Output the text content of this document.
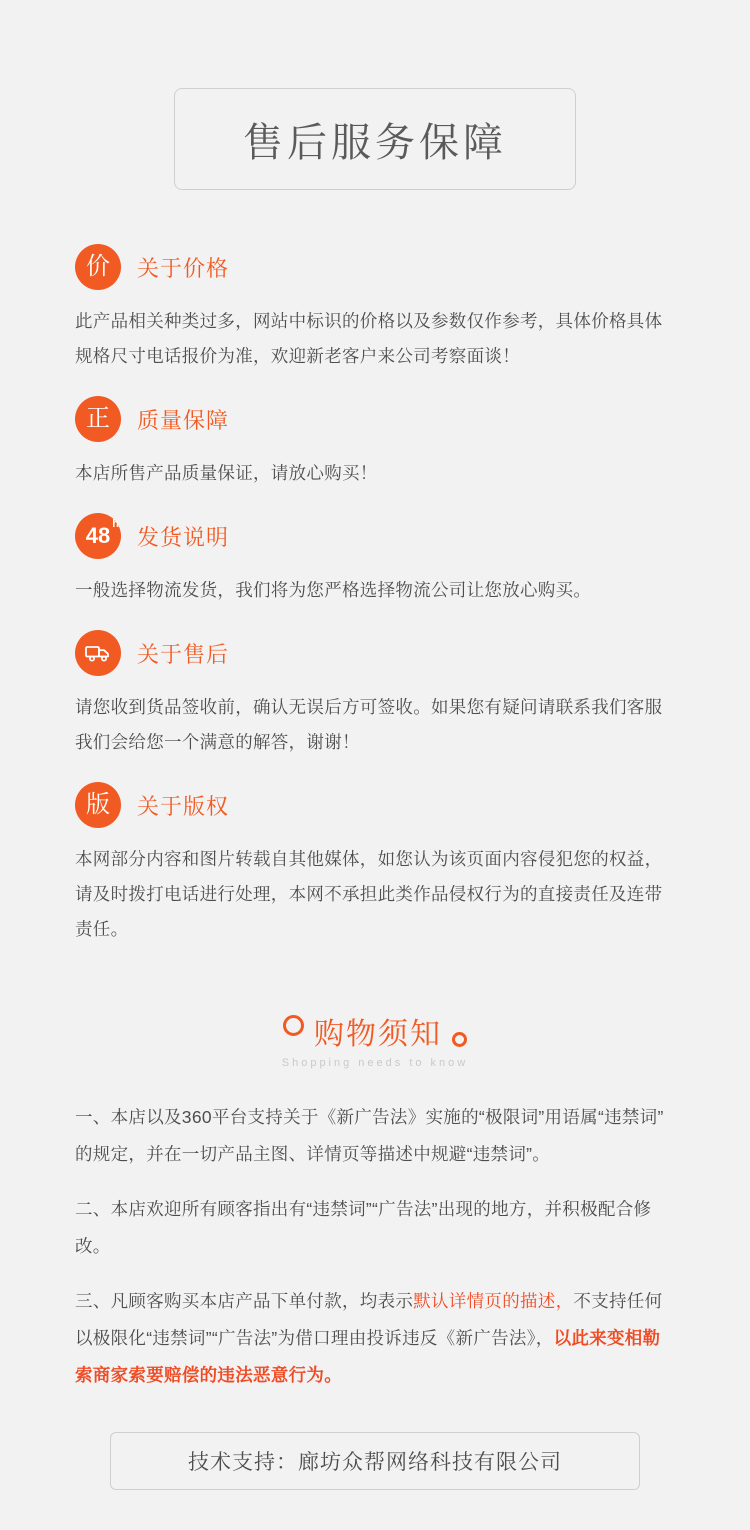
售后服务保障
价 关于价格
此产品相关种类过多，网站中标识的价格以及参数仅作参考，具体价格具体规格尺寸电话报价为准，欢迎新老客户来公司考察面谈！
正 质量保障
本店所售产品质量保证，请放心购买！
48 h
发货说明
一般选择物流发货，我们将为您严格选择物流公司让您放心购买。
关于售后
请您收到货品签收前，确认无误后方可签收。如果您有疑问请联系我们客服我们会给您一个满意的解答，谢谢！
版 关于版权
本网部分内容和图片转载自其他媒体，如您认为该页面内容侵犯您的权益，请及时拨打电话进行处理，本网不承担此类作品侵权行为的直接责任及连带责任。
购物须知
Shopping needs to know

一、本店以及360平台支持关于《新广告法》实施的“极限词”用语属“违禁词”的规定，并在一切产品主图、详情页等描述中规避“违禁词”。

二、本店欢迎所有顾客指出有“违禁词”“广告法”出现的地方，并积极配合修改。

三、凡顾客购买本店产品下单付款，均表示默认详情页的描述，不支持任何以极限化“违禁词”“广告法”为借口理由投诉违反《新广告法》，以此来变相勒索商家索要赔偿的违法恶意行为。

技术支持：廊坊众帮网络科技有限公司
